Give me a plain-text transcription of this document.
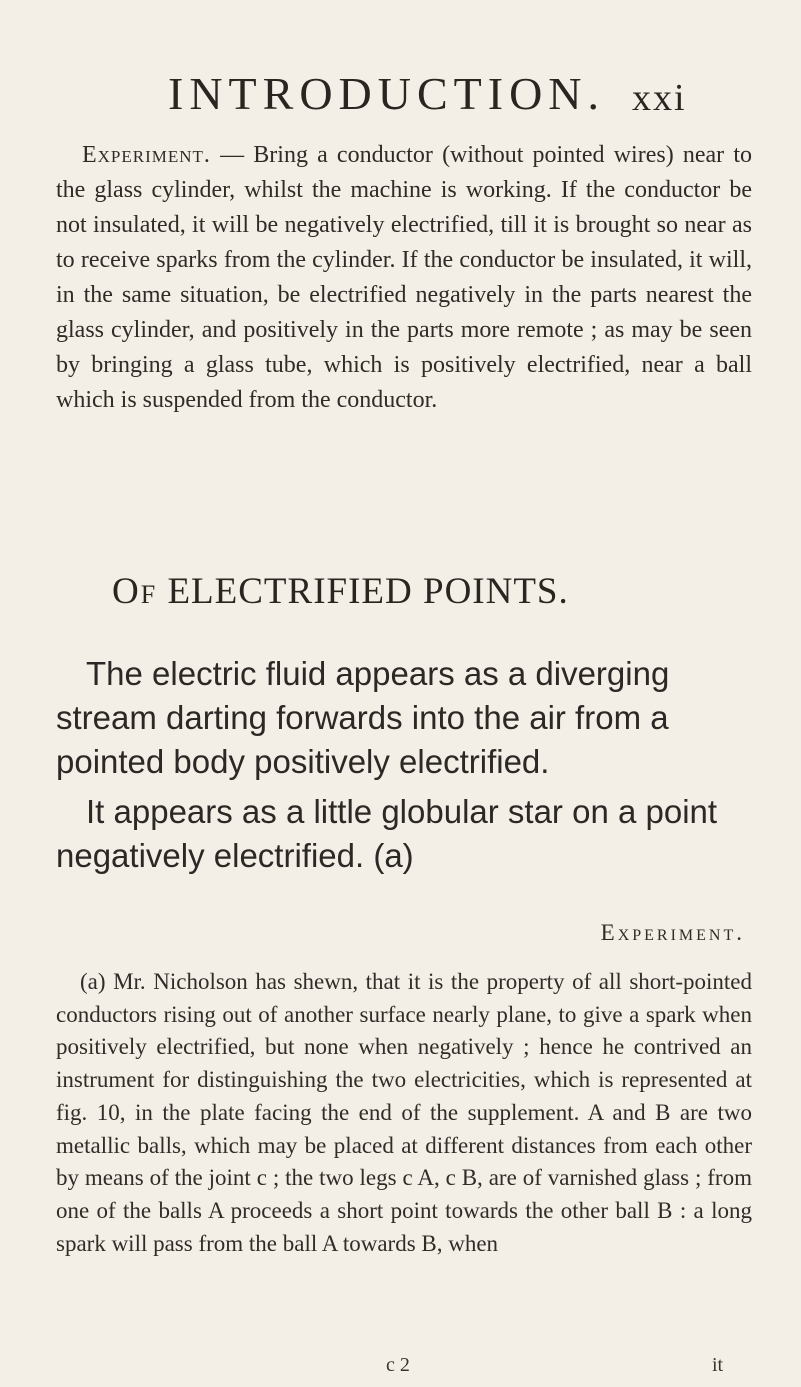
INTRODUCTION. xxi
Experiment. — Bring a conductor (without pointed wires) near to the glass cylinder, whilst the machine is working. If the conductor be not insulated, it will be negatively electrified, till it is brought so near as to receive sparks from the cylinder. If the conductor be insulated, it will, in the same situation, be electrified negatively in the parts nearest the glass cylinder, and positively in the parts more remote ; as may be seen by bringing a glass tube, which is positively electrified, near a ball which is suspended from the conductor.
Of ELECTRIFIED POINTS.
The electric fluid appears as a diverging stream darting forwards into the air from a pointed body positively electrified.
It appears as a little globular star on a point negatively electrified. (a)
Experiment.
(a) Mr. Nicholson has shewn, that it is the property of all short-pointed conductors rising out of another surface nearly plane, to give a spark when positively electrified, but none when negatively ; hence he contrived an instrument for distinguishing the two electricities, which is represented at fig. 10, in the plate facing the end of the supplement. A and B are two metallic balls, which may be placed at different distances from each other by means of the joint c ; the two legs c A, c B, are of varnished glass ; from one of the balls A proceeds a short point towards the other ball B : a long spark will pass from the ball A towards B, when
c 2	it
